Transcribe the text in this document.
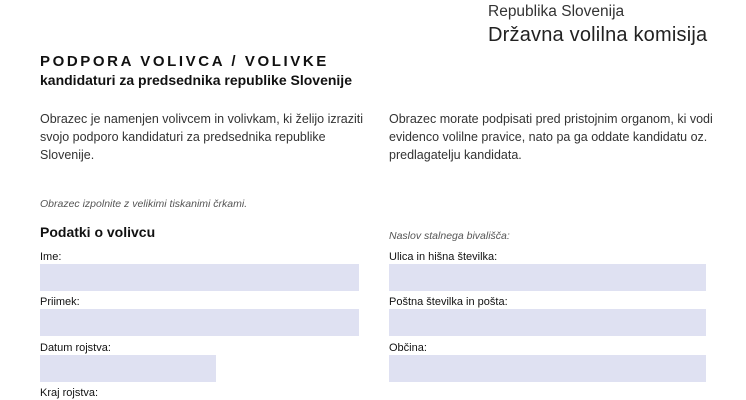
Republika Slovenija
Državna volilna komisija
PODPORA VOLIVCA / VOLIVKE
kandidaturi za predsednika republike Slovenije
Obrazec je namenjen volivcem in volivkam, ki želijo izraziti svojo podporo kandidaturi za predsednika republike Slovenije.
Obrazec morate podpisati pred pristojnim organom, ki vodi evidenco volilne pravice, nato pa ga oddate kandidatu oz. predlagatelju kandidata.
Obrazec izpolnite z velikimi tiskanimi črkami.
Podatki o volivcu	Naslov stalnega bivališča:
Ime:
Priimek:
Datum rojstva:
Kraj rojstva:
Ulica in hišna številka:
Poštna številka in pošta:
Občina:
